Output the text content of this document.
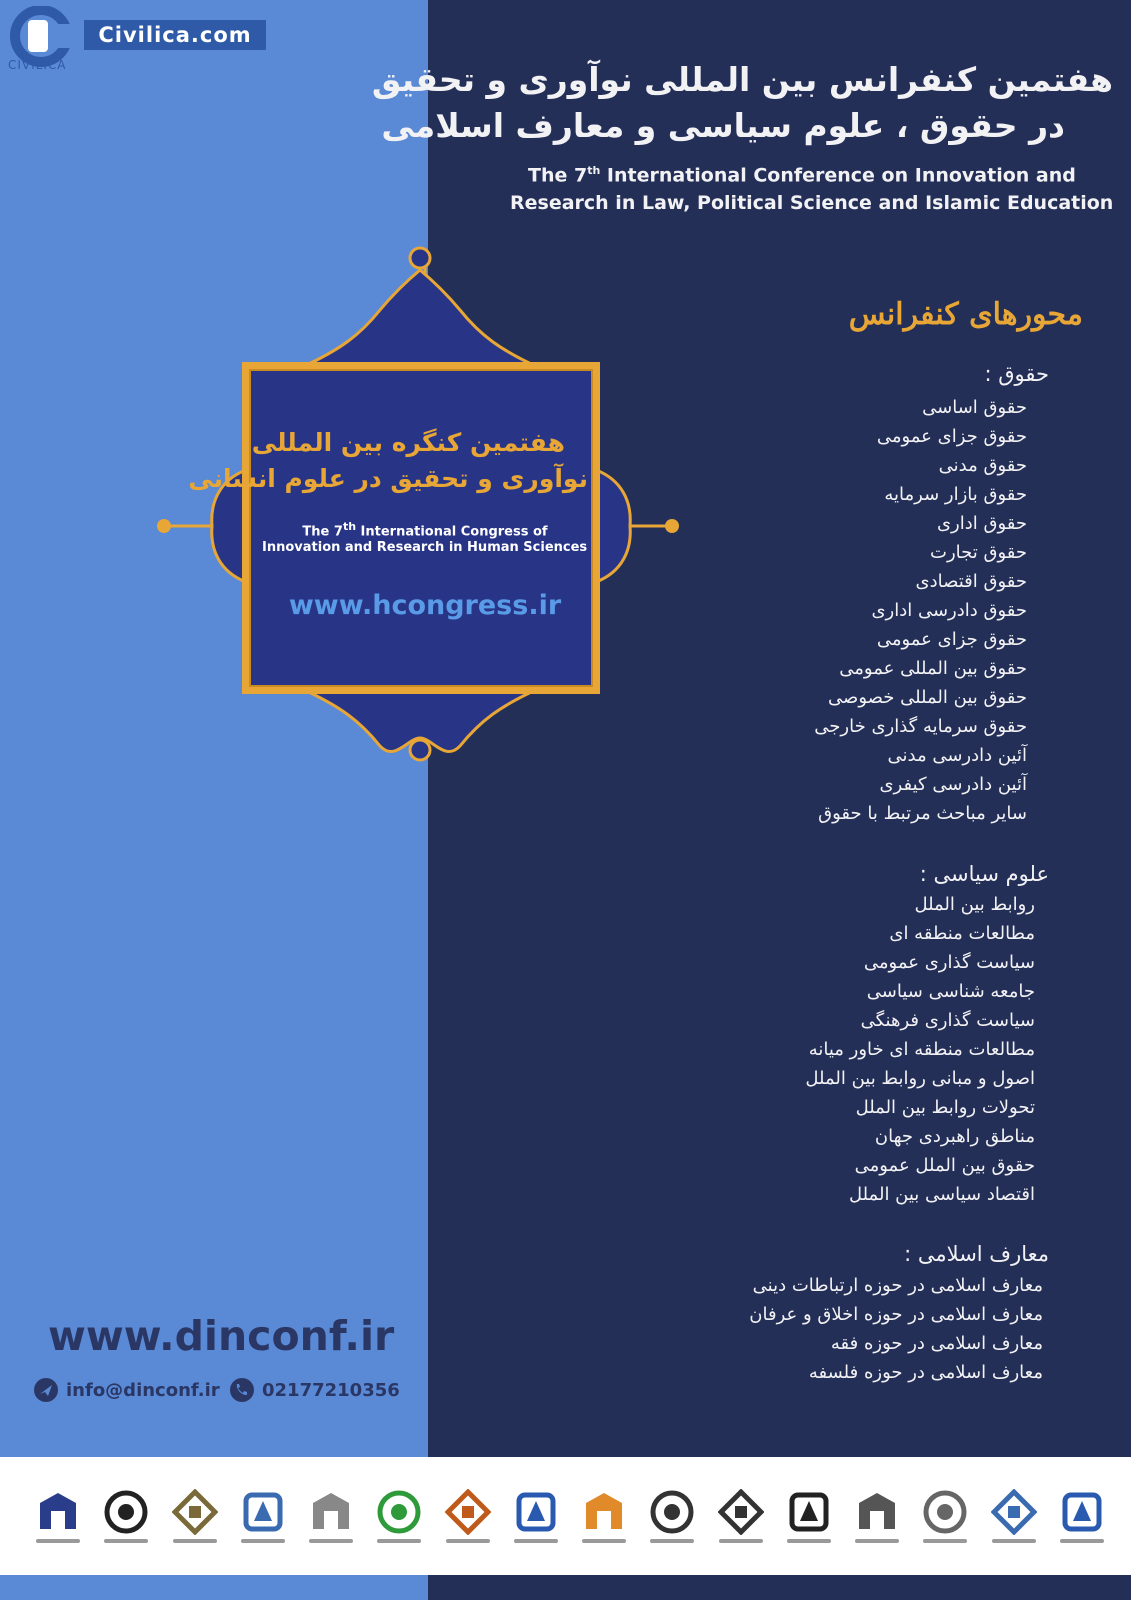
CIVILICA
Civilica.com
هفتمین کنفرانس بین المللی نوآوری و تحقیق
در حقوق ، علوم سیاسی و معارف اسلامی
The 7th International Conference on Innovation and
Research in Law, Political Science and Islamic Education
هفتمین کنگره بین المللی
نوآوری و تحقیق در علوم انسانی
The 7th International Congress of
Innovation and Research in Human Sciences
www.hcongress.ir
محورهای کنفرانس
حقوق :
حقوق اساسی
حقوق جزای عمومی
حقوق مدنی
حقوق بازار سرمایه
حقوق اداری
حقوق تجارت
حقوق اقتصادی
حقوق دادرسی اداری
حقوق جزای عمومی
حقوق بین المللی عمومی
حقوق بین المللی خصوصی
حقوق سرمایه گذاری خارجی
آئین دادرسی مدنی
آئین دادرسی کیفری
سایر مباحث مرتبط با حقوق
علوم سیاسی :
روابط بین الملل
مطالعات منطقه ای
سیاست گذاری عمومی
جامعه شناسی سیاسی
سیاست گذاری فرهنگی
مطالعات منطقه ای خاور میانه
اصول و مبانی روابط بین الملل
تحولات روابط بین الملل
مناطق راهبردی جهان
حقوق بین الملل عمومی
اقتصاد سیاسی بین الملل
معارف اسلامی :
معارف اسلامی در حوزه ارتباطات دینی
معارف اسلامی در حوزه اخلاق و عرفان
معارف اسلامی در حوزه فقه
معارف اسلامی در حوزه فلسفه
www.dinconf.ir
info@dinconf.ir 02177210356
